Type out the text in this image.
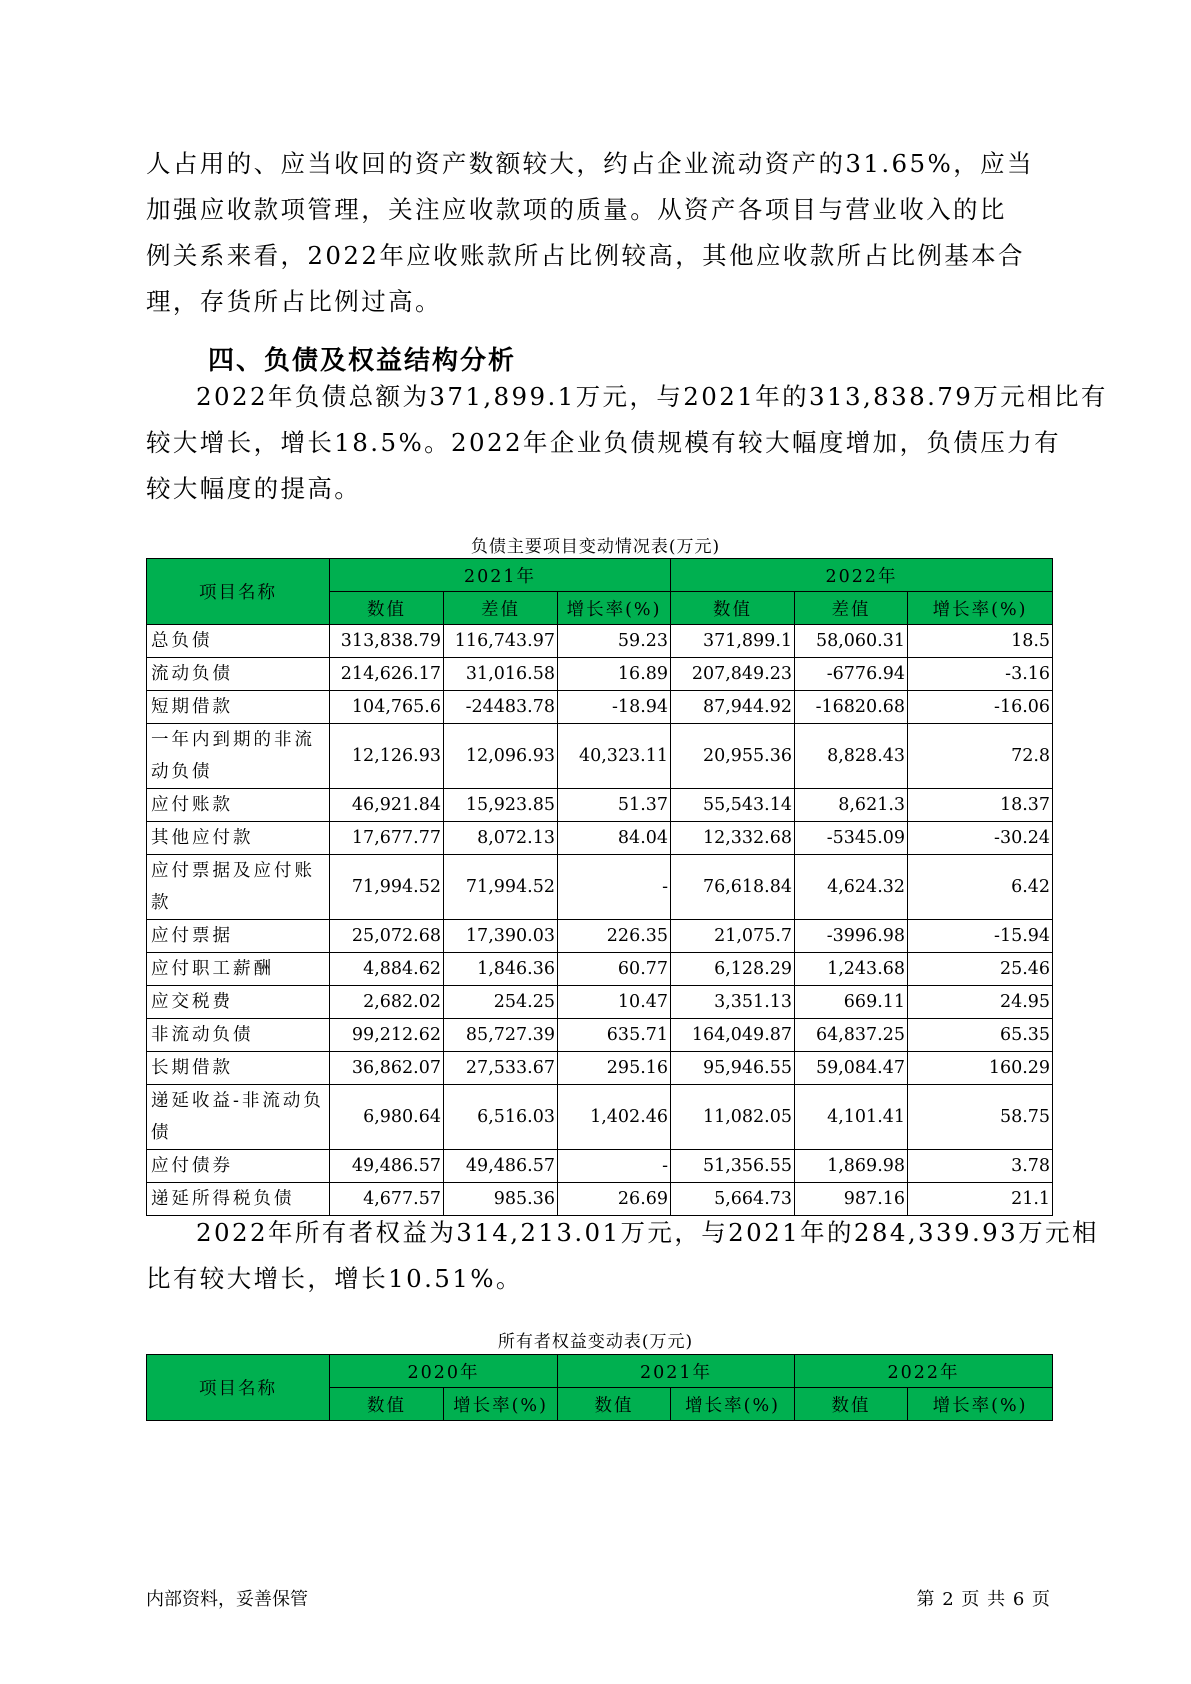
人占用的、应当收回的资产数额较大，约占企业流动资产的31.65%，应当
加强应收款项管理，关注应收款项的质量。从资产各项目与营业收入的比
例关系来看，2022年应收账款所占比例较高，其他应收款所占比例基本合
理，存货所占比例过高。

四、负债及权益结构分析

2022年负债总额为371,899.1万元，与2021年的313,838.79万元相比有
较大增长，增长18.5%。2022年企业负债规模有较大幅度增加，负债压力有
较大幅度的提高。

负债主要项目变动情况表(万元)

项目名称	2021年			2022年		
	数值	差值	增长率(%)	数值	差值	增长率(%)
总负债	313,838.79	116,743.97	59.23	371,899.1	58,060.31	18.5
流动负债	214,626.17	31,016.58	16.89	207,849.23	-6776.94	-3.16
短期借款	104,765.6	-24483.78	-18.94	87,944.92	-16820.68	-16.06
一年内到期的非流动负债	12,126.93	12,096.93	40,323.11	20,955.36	8,828.43	72.8
应付账款	46,921.84	15,923.85	51.37	55,543.14	8,621.3	18.37
其他应付款	17,677.77	8,072.13	84.04	12,332.68	-5345.09	-30.24
应付票据及应付账款	71,994.52	71,994.52	-	76,618.84	4,624.32	6.42
应付票据	25,072.68	17,390.03	226.35	21,075.7	-3996.98	-15.94
应付职工薪酬	4,884.62	1,846.36	60.77	6,128.29	1,243.68	25.46
应交税费	2,682.02	254.25	10.47	3,351.13	669.11	24.95
非流动负债	99,212.62	85,727.39	635.71	164,049.87	64,837.25	65.35
长期借款	36,862.07	27,533.67	295.16	95,946.55	59,084.47	160.29
递延收益-非流动负债	6,980.64	6,516.03	1,402.46	11,082.05	4,101.41	58.75
应付债券	49,486.57	49,486.57	-	51,356.55	1,869.98	3.78
递延所得税负债	4,677.57	985.36	26.69	5,664.73	987.16	21.1

2022年所有者权益为314,213.01万元，与2021年的284,339.93万元相
比有较大增长，增长10.51%。

所有者权益变动表(万元)

项目名称	2020年		2021年		2022年	
	数值	增长率(%)	数值	增长率(%)	数值	增长率(%)
内部资料，妥善保管	第 2 页 共 6 页
